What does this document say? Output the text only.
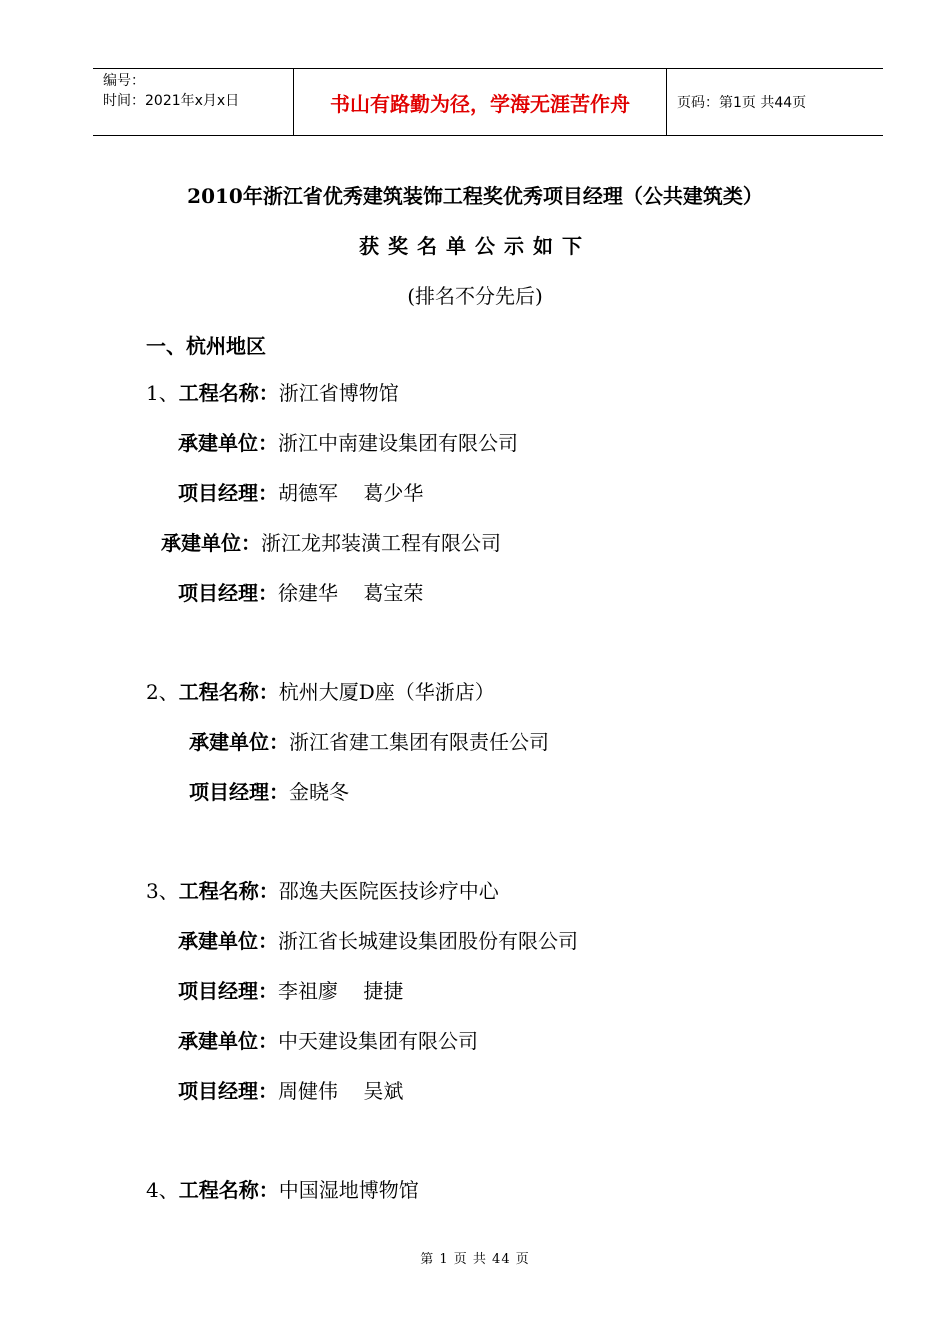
编号：
时间：2021年x月x日	书山有路勤为径，学海无涯苦作舟	页码：第1页 共44页
2010年浙江省优秀建筑装饰工程奖优秀项目经理（公共建筑类）
获奖名单公示如下
(排名不分先后)
一、杭州地区
1、工程名称：浙江省博物馆
承建单位：浙江中南建设集团有限公司
项目经理：胡德军    葛少华
承建单位：浙江龙邦装潢工程有限公司
项目经理：徐建华    葛宝荣
2、工程名称：杭州大厦D座（华浙店）
承建单位：浙江省建工集团有限责任公司
项目经理：金晓冬
3、工程名称：邵逸夫医院医技诊疗中心
承建单位：浙江省长城建设集团股份有限公司
项目经理：李祖廖    捷捷
承建单位：中天建设集团有限公司
项目经理：周健伟    吴斌
4、工程名称：中国湿地博物馆
第 1 页 共 44 页
